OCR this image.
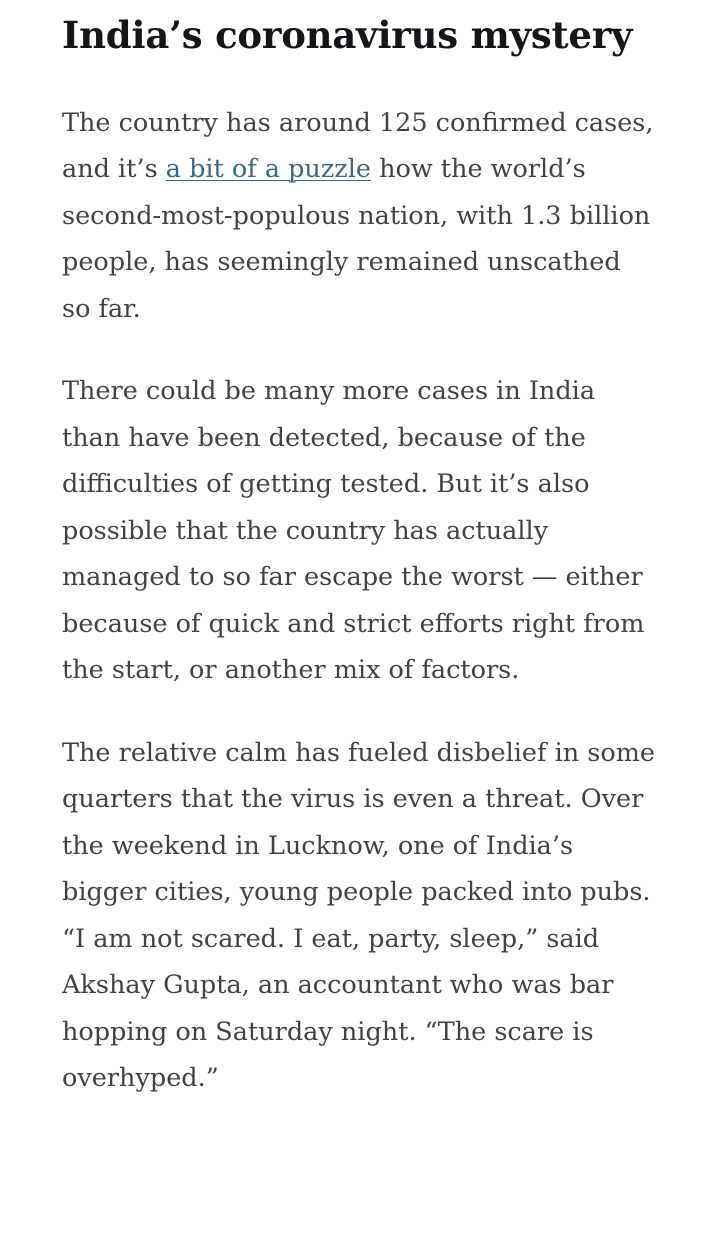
India’s coronavirus mystery

The country has around 125 confirmed cases, and it’s a bit of a puzzle how the world’s second-most-populous nation, with 1.3 billion people, has seemingly remained unscathed so far.

There could be many more cases in India than have been detected, because of the difficulties of getting tested. But it’s also possible that the country has actually managed to so far escape the worst — either because of quick and strict efforts right from the start, or another mix of factors.

The relative calm has fueled disbelief in some quarters that the virus is even a threat. Over the weekend in Lucknow, one of India’s bigger cities, young people packed into pubs. “I am not scared. I eat, party, sleep,” said Akshay Gupta, an accountant who was bar hopping on Saturday night. “The scare is overhyped.”
